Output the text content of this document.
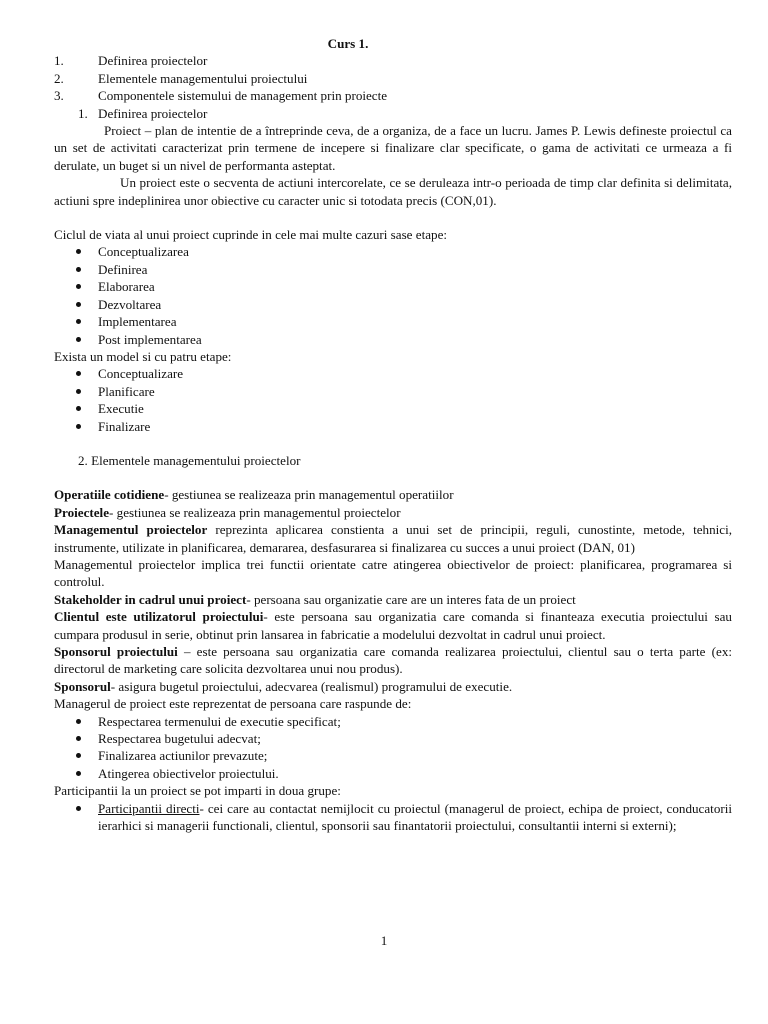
Curs 1.

1.	Definirea proiectelor
2.	Elementele managementului proiectului
3.	Componentele sistemului de management prin proiecte

1. Definirea proiectelor

Proiect – plan de intentie de a întreprinde ceva, de a organiza, de a face un lucru. James P. Lewis defineste proiectul ca un set de activitati caracterizat prin termene de incepere si finalizare clar specificate, o gama de activitati ce urmeaza a fi derulate, un buget si un nivel de performanta asteptat.

Un proiect este o secventa de actiuni intercorelate, ce se deruleaza intr-o perioada de timp clar definita si delimitata, actiuni spre indeplinirea unor obiective cu caracter unic si totodata precis (CON,01).

Ciclul de viata al unui proiect cuprinde in cele mai multe cazuri sase etape:

Conceptualizarea
Definirea
Elaborarea
Dezvoltarea
Implementarea
Post implementarea

Exista un model si cu patru etape:

Conceptualizare
Planificare
Executie
Finalizare

2. Elementele managementului proiectelor

Operatiile cotidiene- gestiunea se realizeaza prin managementul operatiilor

Proiectele- gestiunea se realizeaza prin managementul proiectelor

Managementul proiectelor reprezinta aplicarea constienta a unui set de principii, reguli, cunostinte, metode, tehnici, instrumente, utilizate in planificarea, demararea, desfasurarea si finalizarea cu succes a unui proiect (DAN, 01)

Managementul proiectelor implica trei functii orientate catre atingerea obiectivelor de proiect: planificarea, programarea si controlul.

Stakeholder in cadrul unui proiect- persoana sau organizatie care are un interes fata de un proiect

Clientul este utilizatorul proiectului- este persoana sau organizatia care comanda si finanteaza executia proiectului sau cumpara produsul in serie, obtinut prin lansarea in fabricatie a modelului dezvoltat in cadrul unui proiect.

Sponsorul proiectului – este persoana sau organizatia care comanda realizarea proiectului, clientul sau o terta parte (ex: directorul de marketing care solicita dezvoltarea unui nou produs).

Sponsorul- asigura bugetul proiectului, adecvarea (realismul) programului de executie.

Managerul de proiect este reprezentat de persoana care raspunde de:

Respectarea termenului de executie specificat;
Respectarea bugetului adecvat;
Finalizarea actiunilor prevazute;
Atingerea obiectivelor proiectului.

Participantii la un proiect se pot imparti in doua grupe:

Participantii directi- cei care au contactat nemijlocit cu proiectul (managerul de proiect, echipa de proiect, conducatorii ierarhici si managerii functionali, clientul, sponsorii sau finantatorii proiectului, consultantii interni si externi);
1
